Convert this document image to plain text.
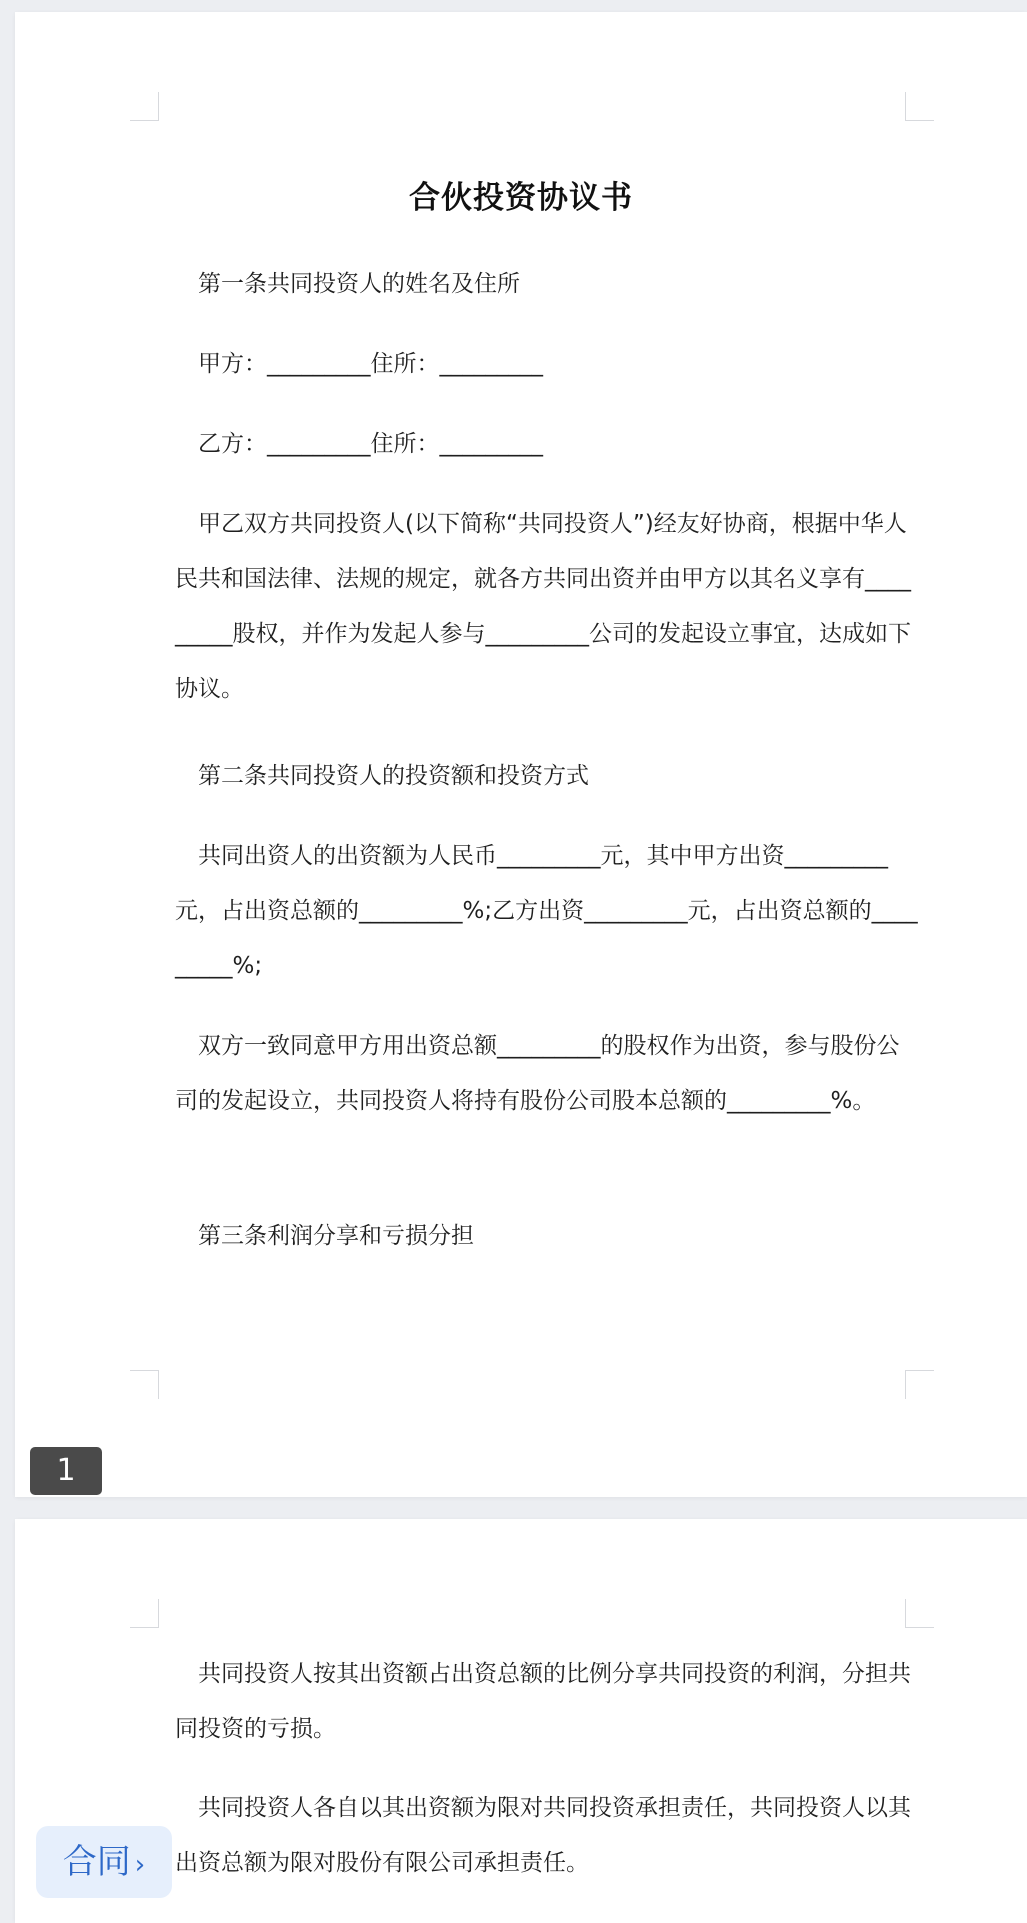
合伙投资协议书

第一条共同投资人的姓名及住所

甲方：_________住所：_________

乙方：_________住所：_________

甲乙双方共同投资人(以下简称“共同投资人”)经友好协商，根据中华人民共和国法律、法规的规定，就各方共同出资并由甲方以其名义享有_________股权，并作为发起人参与_________公司的发起设立事宜，达成如下协议。

第二条共同投资人的投资额和投资方式

共同出资人的出资额为人民币_________元，其中甲方出资_________元，占出资总额的_________%;乙方出资_________元，占出资总额的_________%;

双方一致同意甲方用出资总额_________的股权作为出资，参与股份公司的发起设立，共同投资人将持有股份公司股本总额的_________%。

第三条利润分享和亏损分担

1

共同投资人按其出资额占出资总额的比例分享共同投资的利润，分担共同投资的亏损。

共同投资人各自以其出资额为限对共同投资承担责任，共同投资人以其出资总额为限对股份有限公司承担责任。

合同 ›
